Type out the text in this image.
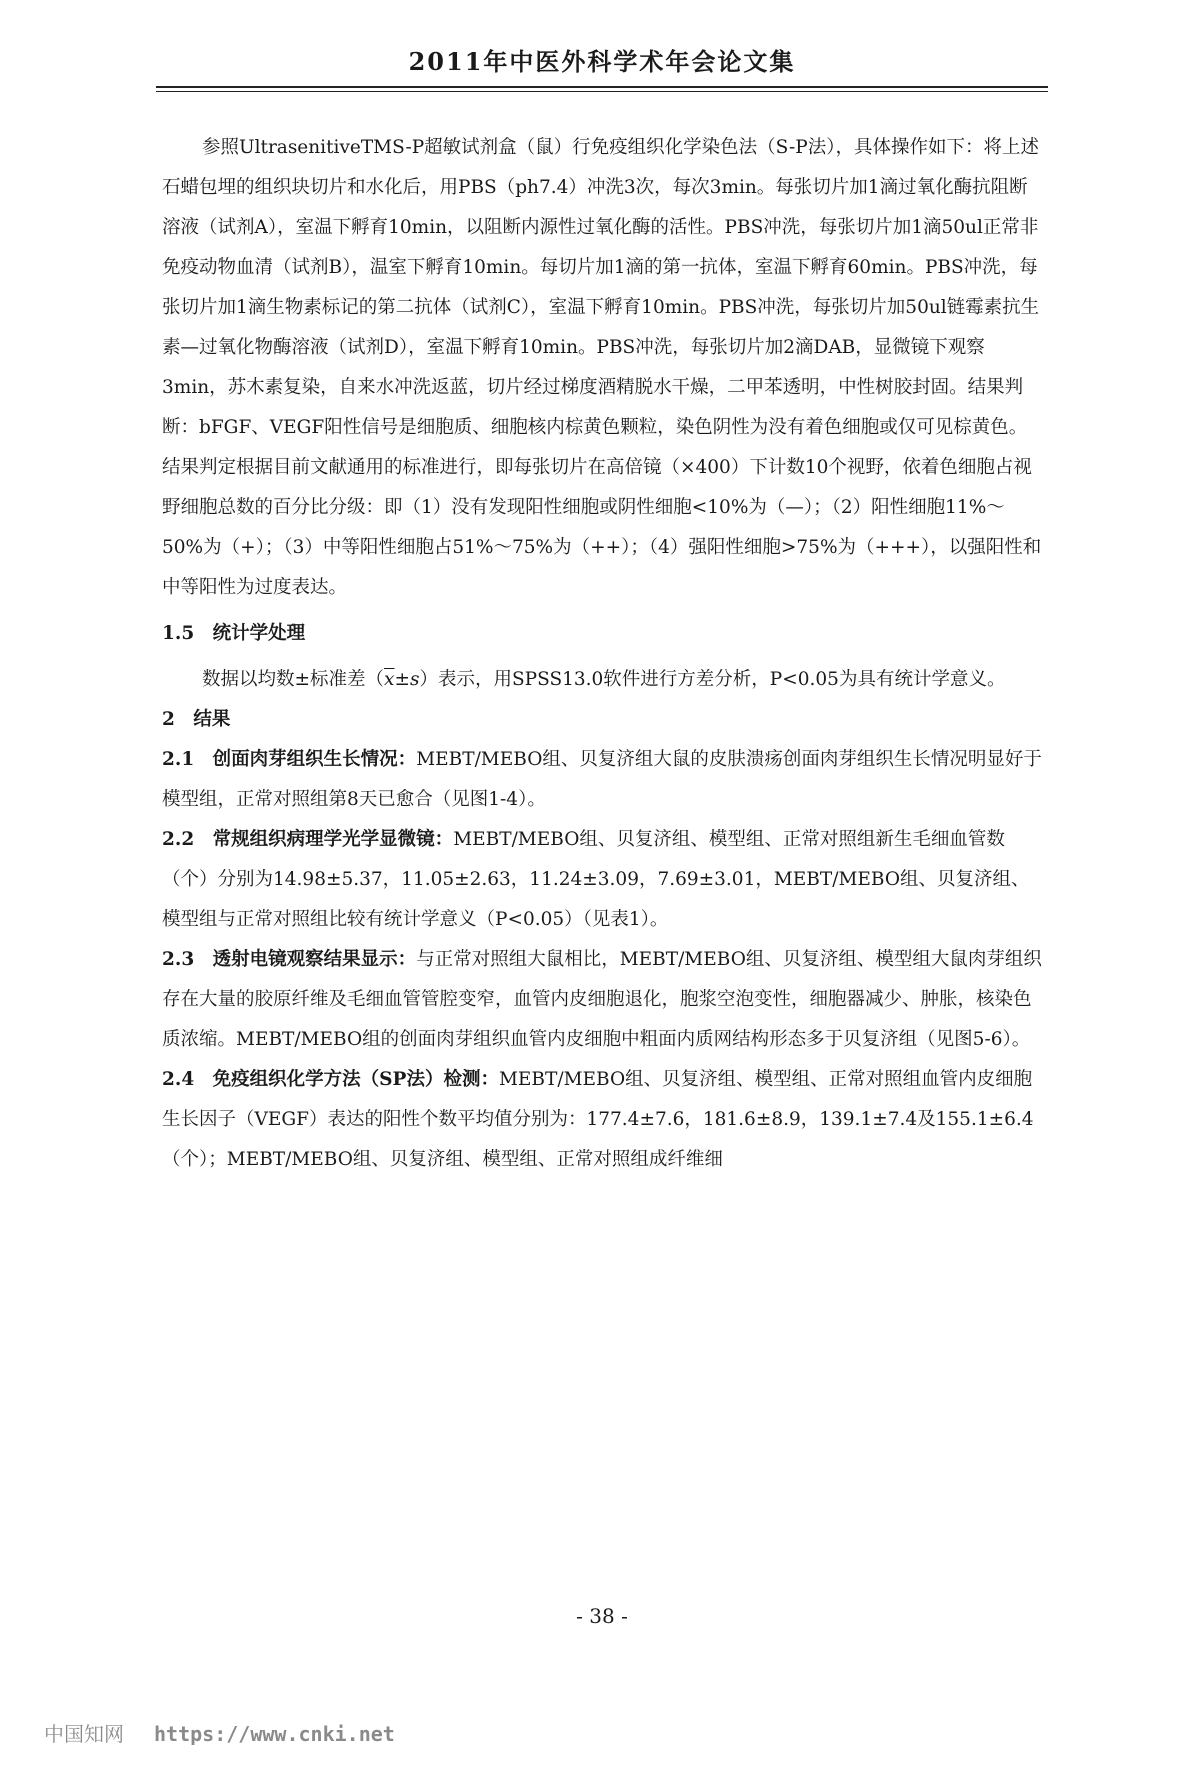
2011年中医外科学术年会论文集

参照UltrasenitiveTMS-P超敏试剂盒（鼠）行免疫组织化学染色法（S-P法），具体操作如下：将上述石蜡包埋的组织块切片和水化后，用PBS（ph7.4）冲洗3次，每次3min。每张切片加1滴过氧化酶抗阻断溶液（试剂A），室温下孵育10min，以阻断内源性过氧化酶的活性。PBS冲洗，每张切片加1滴50ul正常非免疫动物血清（试剂B），温室下孵育10min。每切片加1滴的第一抗体，室温下孵育60min。PBS冲洗，每张切片加1滴生物素标记的第二抗体（试剂C），室温下孵育10min。PBS冲洗，每张切片加50ul链霉素抗生素—过氧化物酶溶液（试剂D），室温下孵育10min。PBS冲洗，每张切片加2滴DAB，显微镜下观察3min，苏木素复染，自来水冲洗返蓝，切片经过梯度酒精脱水干燥，二甲苯透明，中性树胶封固。结果判断：bFGF、VEGF阳性信号是细胞质、细胞核内棕黄色颗粒，染色阴性为没有着色细胞或仅可见棕黄色。结果判定根据目前文献通用的标准进行，即每张切片在高倍镜（×400）下计数10个视野，依着色细胞占视野细胞总数的百分比分级：即（1）没有发现阳性细胞或阴性细胞<10%为（—）；（2）阳性细胞11%～50%为（+）；（3）中等阳性细胞占51%～75%为（++）；（4）强阳性细胞>75%为（+++），以强阳性和中等阳性为过度表达。

1.5　统计学处理

数据以均数±标准差$(\overline{x}\pm s)$表示，用SPSS13.0软件进行方差分析，P<0.05为具有统计学意义。

2　结果

2.1　创面肉芽组织生长情况：MEBT/MEBO组、贝复济组大鼠的皮肤溃疡创面肉芽组织生长情况明显好于模型组，正常对照组第8天已愈合（见图1-4）。

2.2　常规组织病理学光学显微镜：MEBT/MEBO组、贝复济组、模型组、正常对照组新生毛细血管数（个）分别为14.98±5.37，11.05±2.63，11.24±3.09，7.69±3.01，MEBT/MEBO组、贝复济组、模型组与正常对照组比较有统计学意义（P<0.05）（见表1）。

2.3　透射电镜观察结果显示：与正常对照组大鼠相比，MEBT/MEBO组、贝复济组、模型组大鼠肉芽组织存在大量的胶原纤维及毛细血管管腔变窄，血管内皮细胞退化，胞浆空泡变性，细胞器减少、肿胀，核染色质浓缩。MEBT/MEBO组的创面肉芽组织血管内皮细胞中粗面内质网结构形态多于贝复济组（见图5-6）。

2.4　免疫组织化学方法（SP法）检测：MEBT/MEBO组、贝复济组、模型组、正常对照组血管内皮细胞生长因子（VEGF）表达的阳性个数平均值分别为：177.4±7.6，181.6±8.9，139.1±7.4及155.1±6.4（个）；MEBT/MEBO组、贝复济组、模型组、正常对照组成纤维细

- 38 -
中国知网 https://www.cnki.net
